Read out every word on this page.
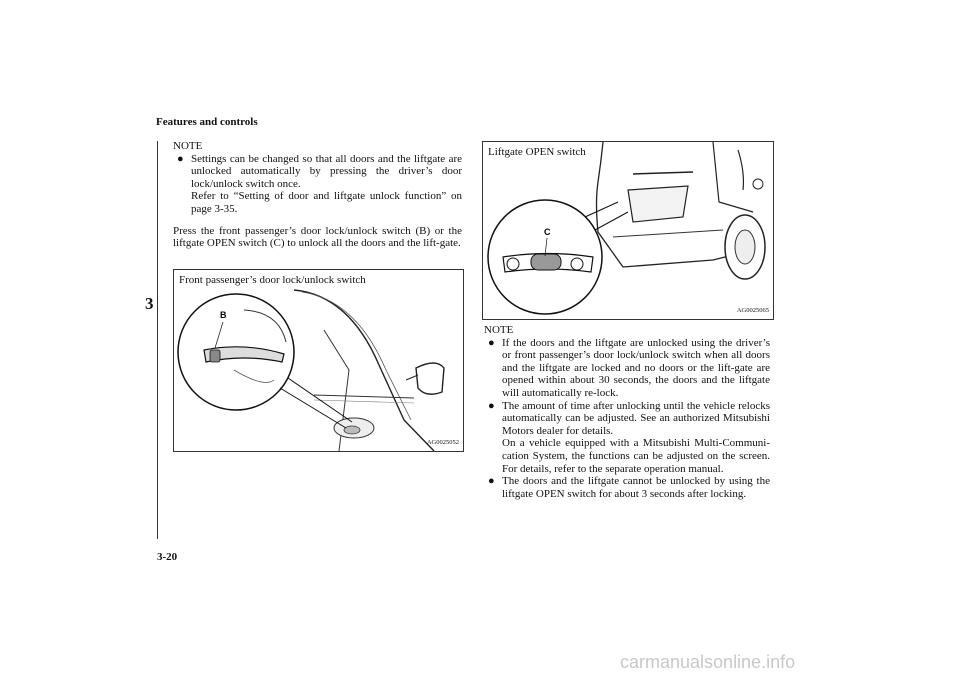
Features and controls
3
NOTE
● Settings can be changed so that all doors and the liftgate are unlocked automatically by pressing the driver’s door lock/unlock switch once.
Refer to “Setting of door and liftgate unlock function” on page 3-35.
Press the front passenger’s door lock/unlock switch (B) or the liftgate OPEN switch (C) to unlock all the doors and the lift-gate.
B
Front passenger’s door lock/unlock switch
AG0025052
C
Liftgate OPEN switch
AG0025065
NOTE
● If the doors and the liftgate are unlocked using the driver’s or front passenger’s door lock/unlock switch when all doors and the liftgate are locked and no doors or the lift-gate are opened within about 30 seconds, the doors and the liftgate will automatically re-lock.
● The amount of time after unlocking until the vehicle relocks automatically can be adjusted. See an authorized Mitsubishi Motors dealer for details.
On a vehicle equipped with a Mitsubishi Multi-Communi-cation System, the functions can be adjusted on the screen. For details, refer to the separate operation manual.
● The doors and the liftgate cannot be unlocked by using the liftgate OPEN switch for about 3 seconds after locking.
3-20
carmanualsonline.info
